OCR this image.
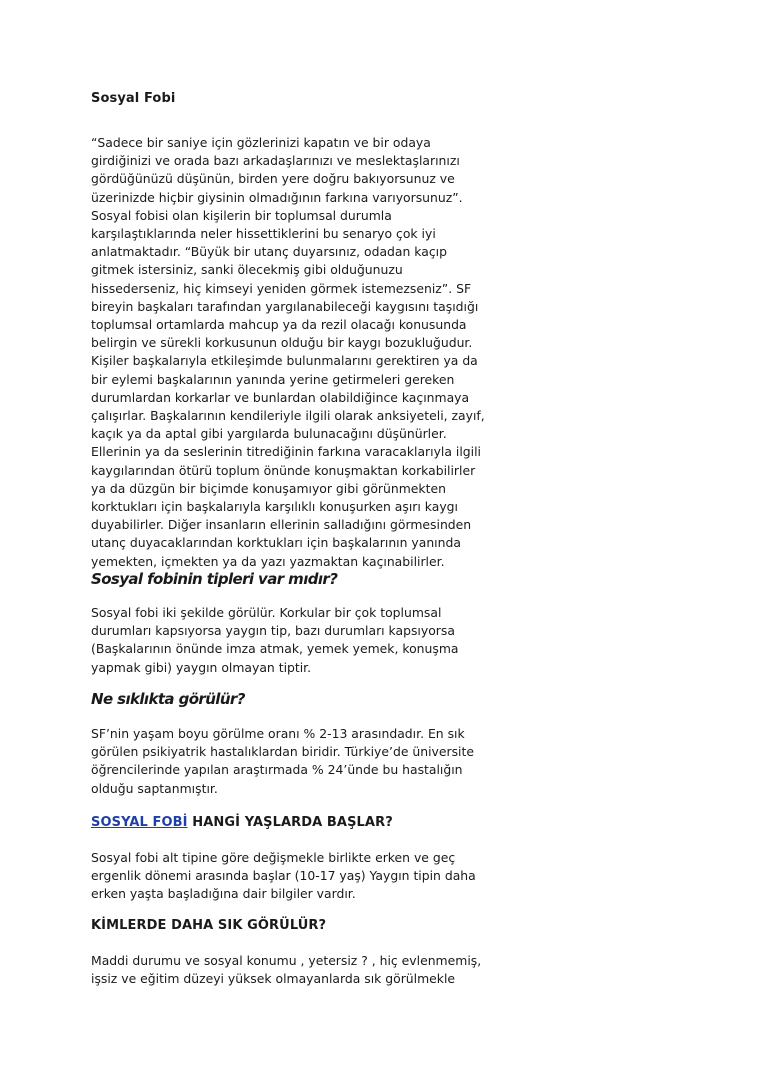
Sosyal Fobi
“Sadece bir saniye için gözlerinizi kapatın ve bir odaya
girdiğinizi ve orada bazı arkadaşlarınızı ve meslektaşlarınızı
gördüğünüzü düşünün, birden yere doğru bakıyorsunuz ve
üzerinizde hiçbir giysinin olmadığının farkına varıyorsunuz”.
Sosyal fobisi olan kişilerin bir toplumsal durumla
karşılaştıklarında neler hissettiklerini bu senaryo çok iyi
anlatmaktadır. “Büyük bir utanç duyarsınız, odadan kaçıp
gitmek istersiniz, sanki ölecekmiş gibi olduğunuzu
hissederseniz, hiç kimseyi yeniden görmek istemezseniz”. SF
bireyin başkaları tarafından yargılanabileceği kaygısını taşıdığı
toplumsal ortamlarda mahcup ya da rezil olacağı konusunda
belirgin ve sürekli korkusunun olduğu bir kaygı bozukluğudur.
Kişiler başkalarıyla etkileşimde bulunmalarını gerektiren ya da
bir eylemi başkalarının yanında yerine getirmeleri gereken
durumlardan korkarlar ve bunlardan olabildiğince kaçınmaya
çalışırlar. Başkalarının kendileriyle ilgili olarak anksiyeteli, zayıf,
kaçık ya da aptal gibi yargılarda bulunacağını düşünürler.
Ellerinin ya da seslerinin titrediğinin farkına varacaklarıyla ilgili
kaygılarından ötürü toplum önünde konuşmaktan korkabilirler
ya da düzgün bir biçimde konuşamıyor gibi görünmekten
korktukları için başkalarıyla karşılıklı konuşurken aşırı kaygı
duyabilirler. Diğer insanların ellerinin salladığını görmesinden
utanç duyacaklarından korktukları için başkalarının yanında
yemekten, içmekten ya da yazı yazmaktan kaçınabilirler.
Sosyal fobinin tipleri var mıdır?
Sosyal fobi iki şekilde görülür. Korkular bir çok toplumsal
durumları kapsıyorsa yaygın tip, bazı durumları kapsıyorsa
(Başkalarının önünde imza atmak, yemek yemek, konuşma
yapmak gibi) yaygın olmayan tiptir.
Ne sıklıkta görülür?
SF’nin yaşam boyu görülme oranı % 2-13 arasındadır. En sık
görülen psikiyatrik hastalıklardan biridir. Türkiye’de üniversite
öğrencilerinde yapılan araştırmada % 24’ünde bu hastalığın
olduğu saptanmıştır.
SOSYAL FOBİ HANGİ YAŞLARDA BAŞLAR?
Sosyal fobi alt tipine göre değişmekle birlikte erken ve geç
ergenlik dönemi arasında başlar (10-17 yaş) Yaygın tipin daha
erken yaşta başladığına dair bilgiler vardır.
KİMLERDE DAHA SIK GÖRÜLÜR?
Maddi durumu ve sosyal konumu , yetersiz ? , hiç evlenmemiş,
işsiz ve eğitim düzeyi yüksek olmayanlarda sık görülmekle
